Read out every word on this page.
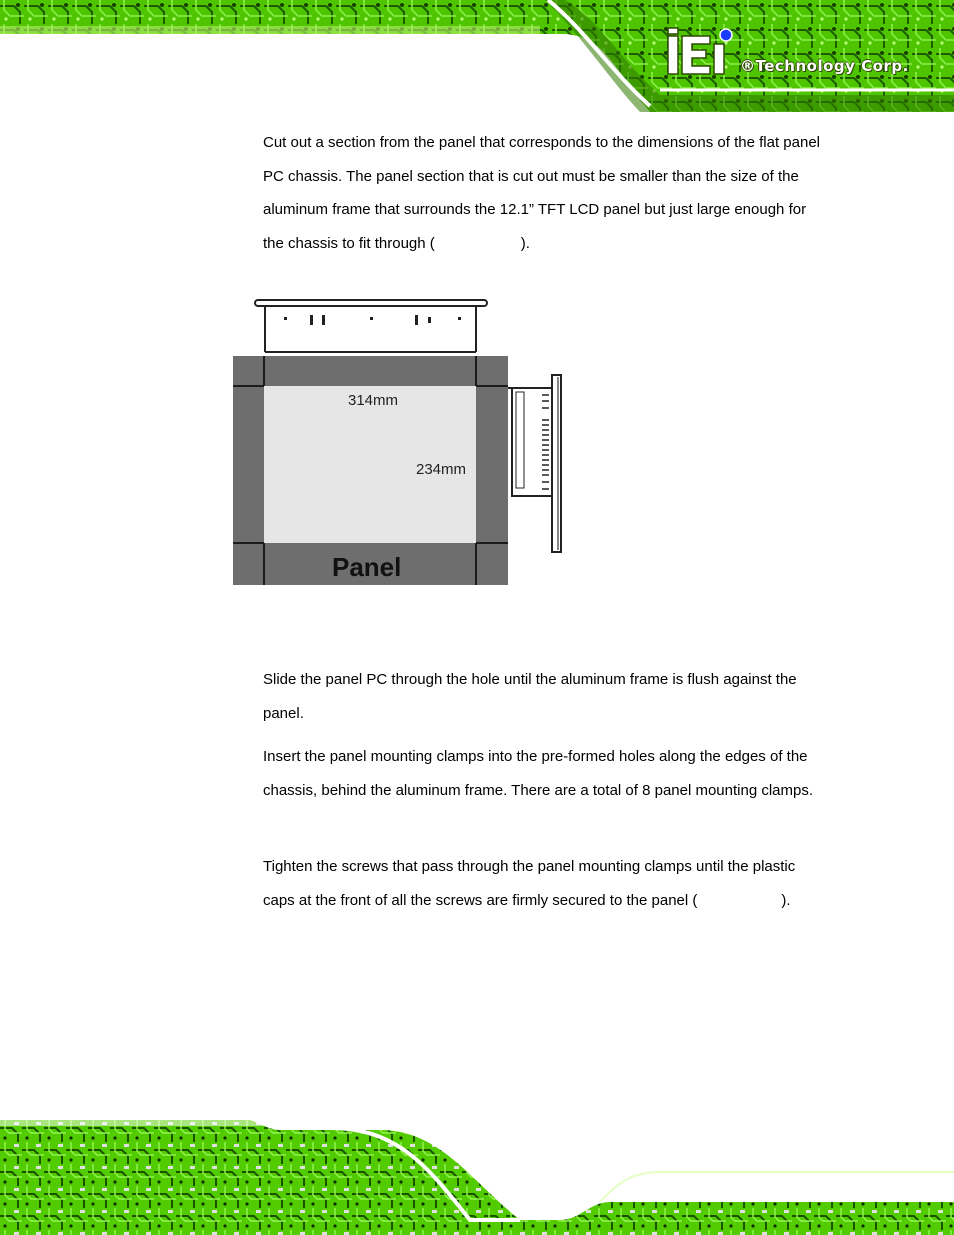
®Technology Corp.

Cut out a section from the panel that corresponds to the dimensions of the flat panel PC chassis. The panel section that is cut out must be smaller than the size of the aluminum frame that surrounds the 12.1” TFT LCD panel but just large enough for the chassis to fit through (	).

314mm
234mm
Panel

Slide the panel PC through the hole until the aluminum frame is flush against the panel.

Insert the panel mounting clamps into the pre-formed holes along the edges of the chassis, behind the aluminum frame. There are a total of 8 panel mounting clamps.

Tighten the screws that pass through the panel mounting clamps until the plastic caps at the front of all the screws are firmly secured to the panel (	).
